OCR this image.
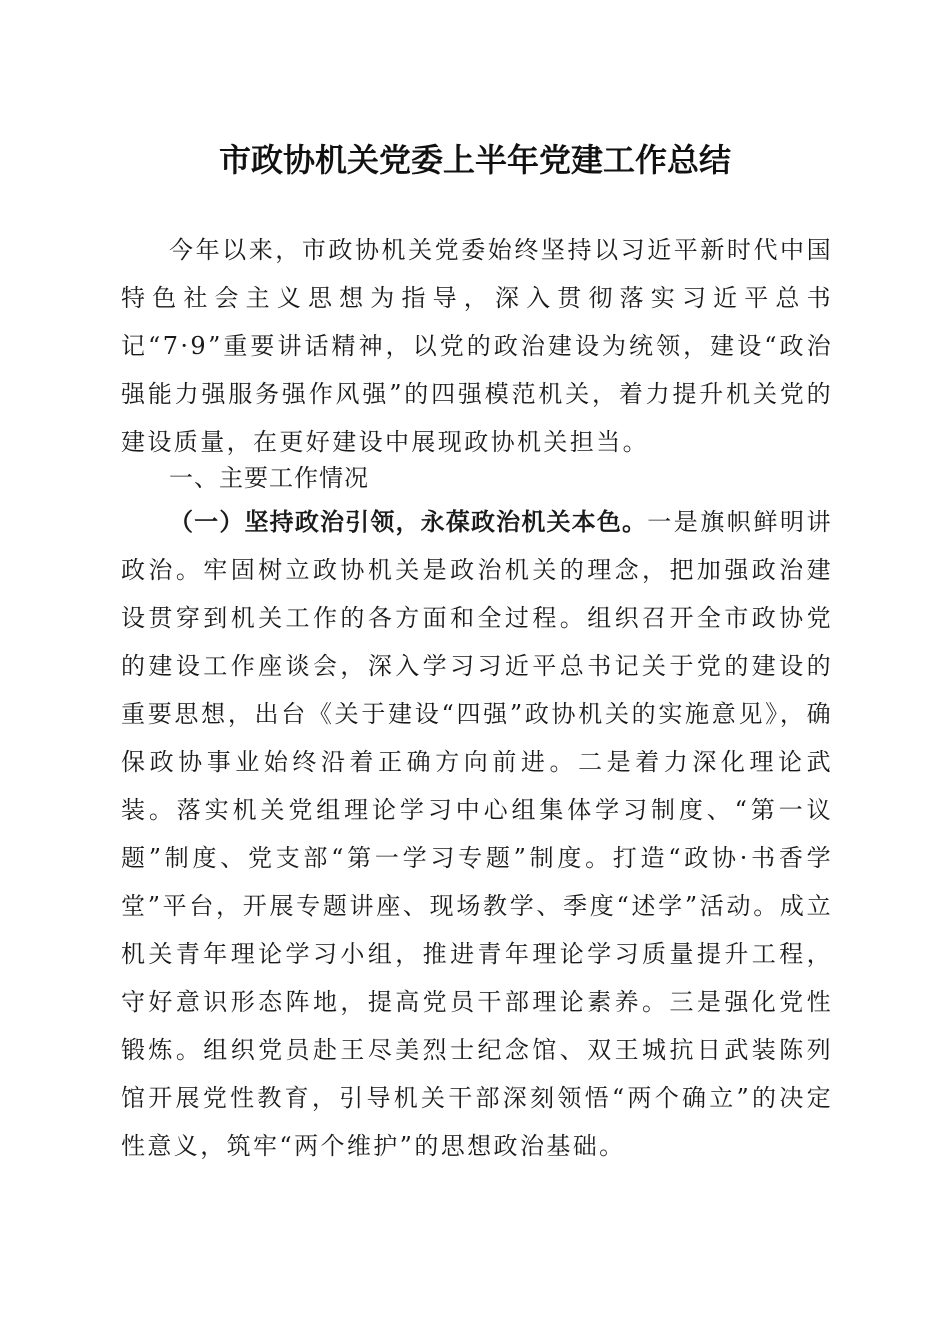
市政协机关党委上半年党建工作总结

今年以来，市政协机关党委始终坚持以习近平新时代中国特色社会主义思想为指导，深入贯彻落实习近平总书记“7·9”重要讲话精神，以党的政治建设为统领，建设“政治强能力强服务强作风强”的四强模范机关，着力提升机关党的建设质量，在更好建设中展现政协机关担当。

一、主要工作情况

（一）坚持政治引领，永葆政治机关本色。一是旗帜鲜明讲政治。牢固树立政协机关是政治机关的理念，把加强政治建设贯穿到机关工作的各方面和全过程。组织召开全市政协党的建设工作座谈会，深入学习习近平总书记关于党的建设的重要思想，出台《关于建设“四强”政协机关的实施意见》，确保政协事业始终沿着正确方向前进。二是着力深化理论武装。落实机关党组理论学习中心组集体学习制度、“第一议题”制度、党支部“第一学习专题”制度。打造“政协·书香学堂”平台，开展专题讲座、现场教学、季度“述学”活动。成立机关青年理论学习小组，推进青年理论学习质量提升工程，守好意识形态阵地，提高党员干部理论素养。三是强化党性锻炼。组织党员赴王尽美烈士纪念馆、双王城抗日武装陈列馆开展党性教育，引导机关干部深刻领悟“两个确立”的决定性意义，筑牢“两个维护”的思想政治基础。
